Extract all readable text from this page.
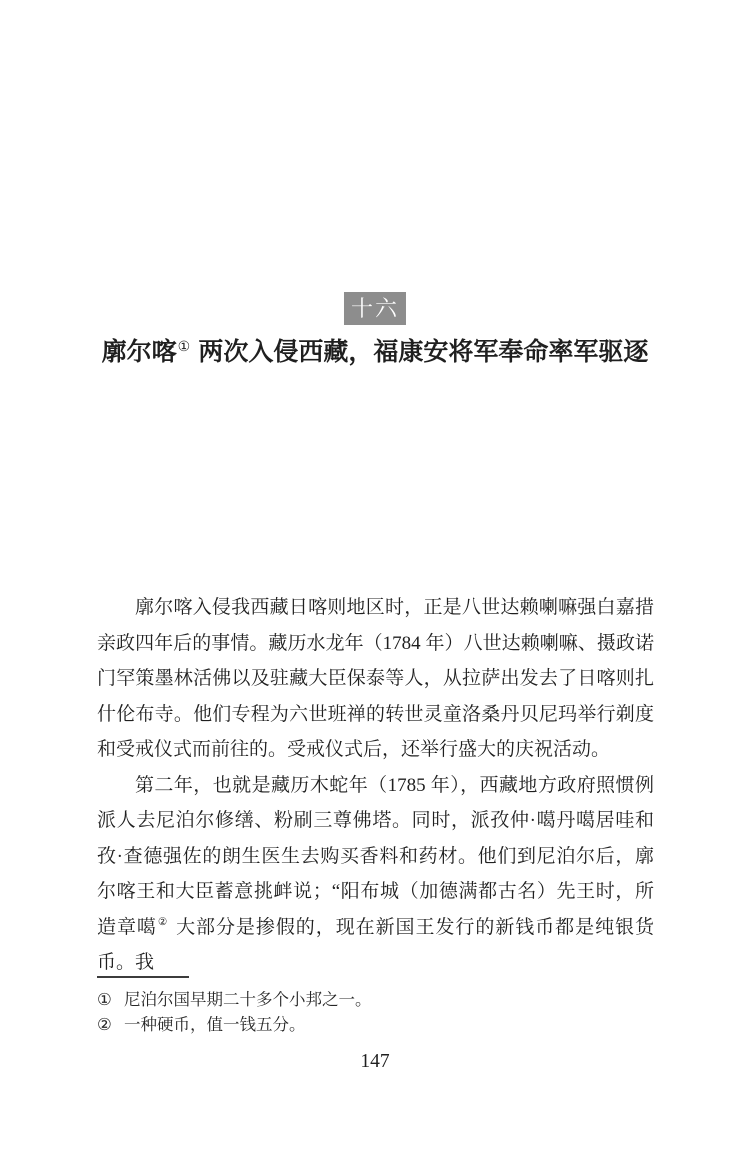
十六
廓尔喀① 两次入侵西藏，福康安将军奉命率军驱逐

廓尔喀入侵我西藏日喀则地区时，正是八世达赖喇嘛强白嘉措亲政四年后的事情。藏历水龙年（1784 年）八世达赖喇嘛、摄政诺门罕策墨林活佛以及驻藏大臣保泰等人，从拉萨出发去了日喀则扎什伦布寺。他们专程为六世班禅的转世灵童洛桑丹贝尼玛举行剃度和受戒仪式而前往的。受戒仪式后，还举行盛大的庆祝活动。

第二年，也就是藏历木蛇年（1785 年），西藏地方政府照惯例派人去尼泊尔修缮、粉刷三尊佛塔。同时，派孜仲·噶丹噶居哇和孜·查德强佐的朗生医生去购买香料和药材。他们到尼泊尔后，廓尔喀王和大臣蓄意挑衅说；“阳布城（加德满都古名）先王时，所造章噶② 大部分是掺假的，现在新国王发行的新钱币都是纯银货币。我

① 尼泊尔国早期二十多个小邦之一。
② 一种硬币，值一钱五分。
147
